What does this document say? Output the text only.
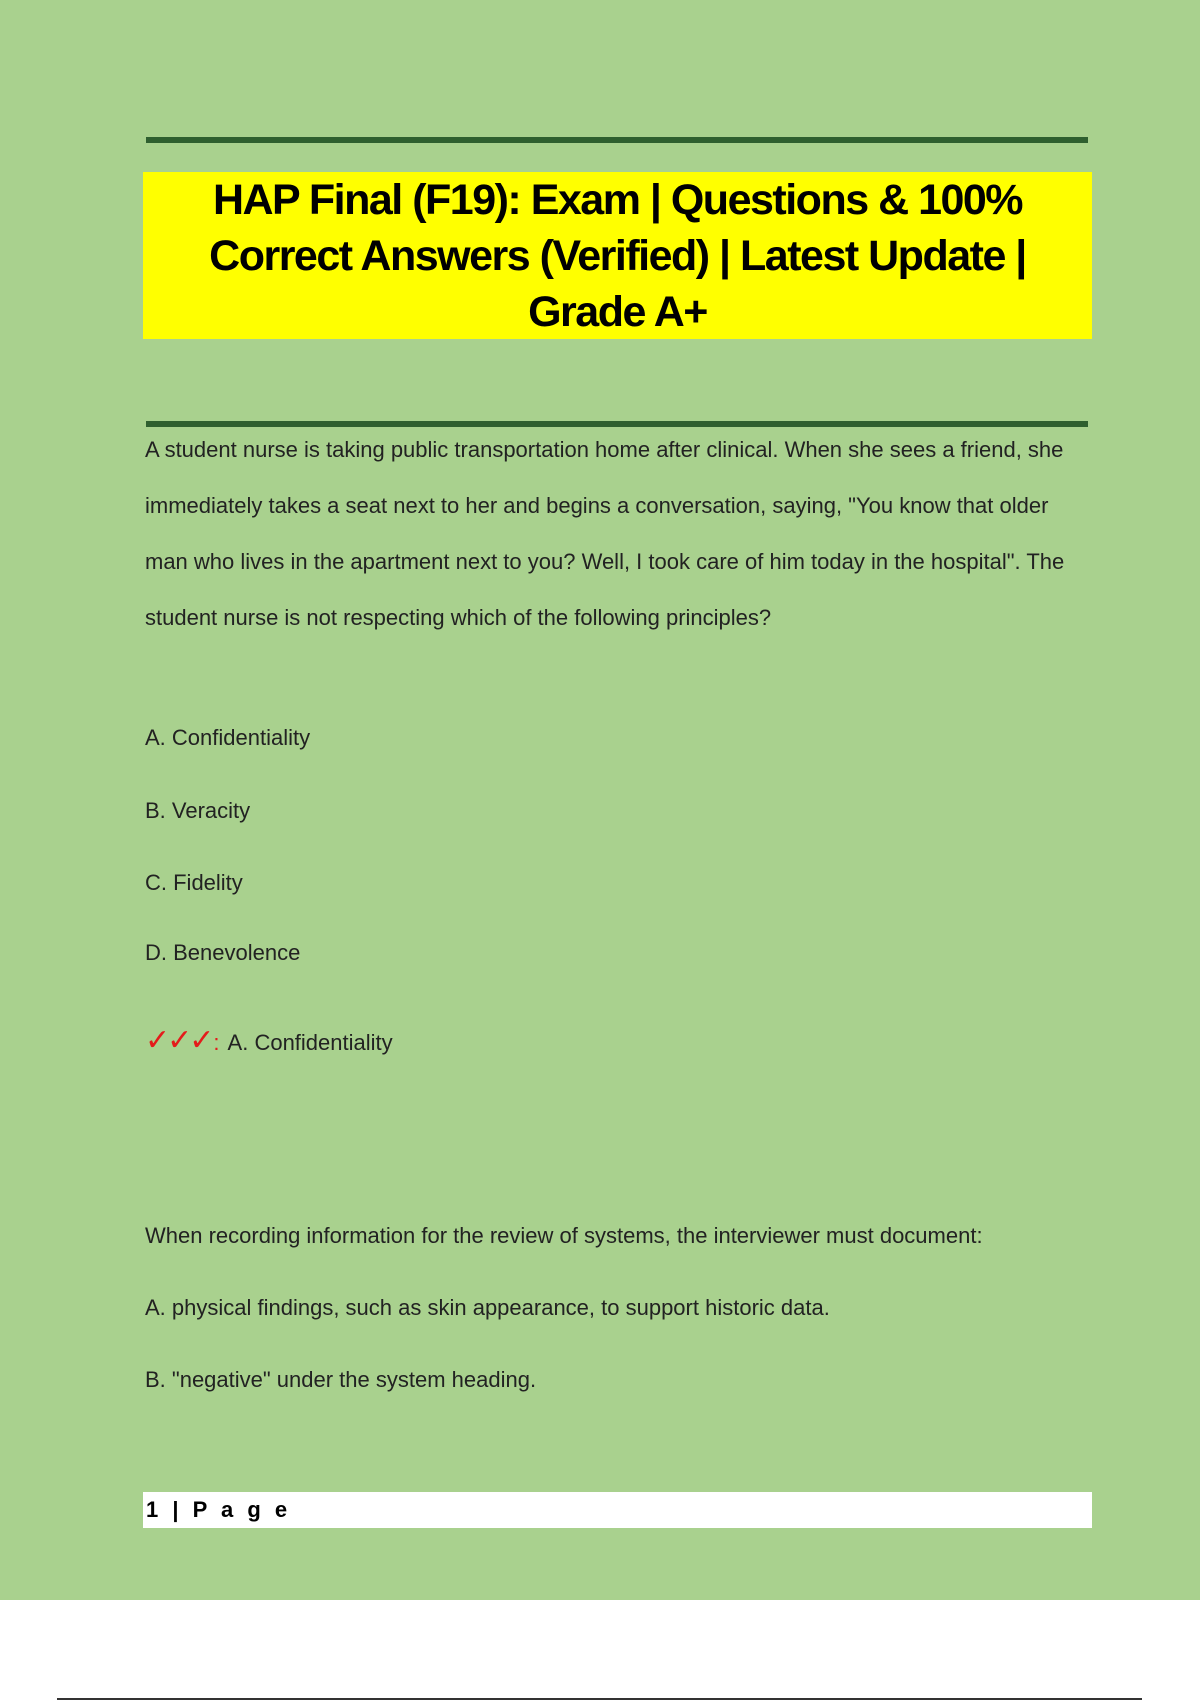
HAP Final (F19): Exam | Questions & 100% Correct Answers (Verified) | Latest Update | Grade A+

A student nurse is taking public transportation home after clinical. When she sees a friend, she immediately takes a seat next to her and begins a conversation, saying, "You know that older man who lives in the apartment next to you? Well, I took care of him today in the hospital". The student nurse is not respecting which of the following principles?

A. Confidentiality
B. Veracity
C. Fidelity
D. Benevolence
✓✓✓ : A. Confidentiality
When recording information for the review of systems, the interviewer must document:
A. physical findings, such as skin appearance, to support historic data.
B. "negative" under the system heading.
1 | P a g e
